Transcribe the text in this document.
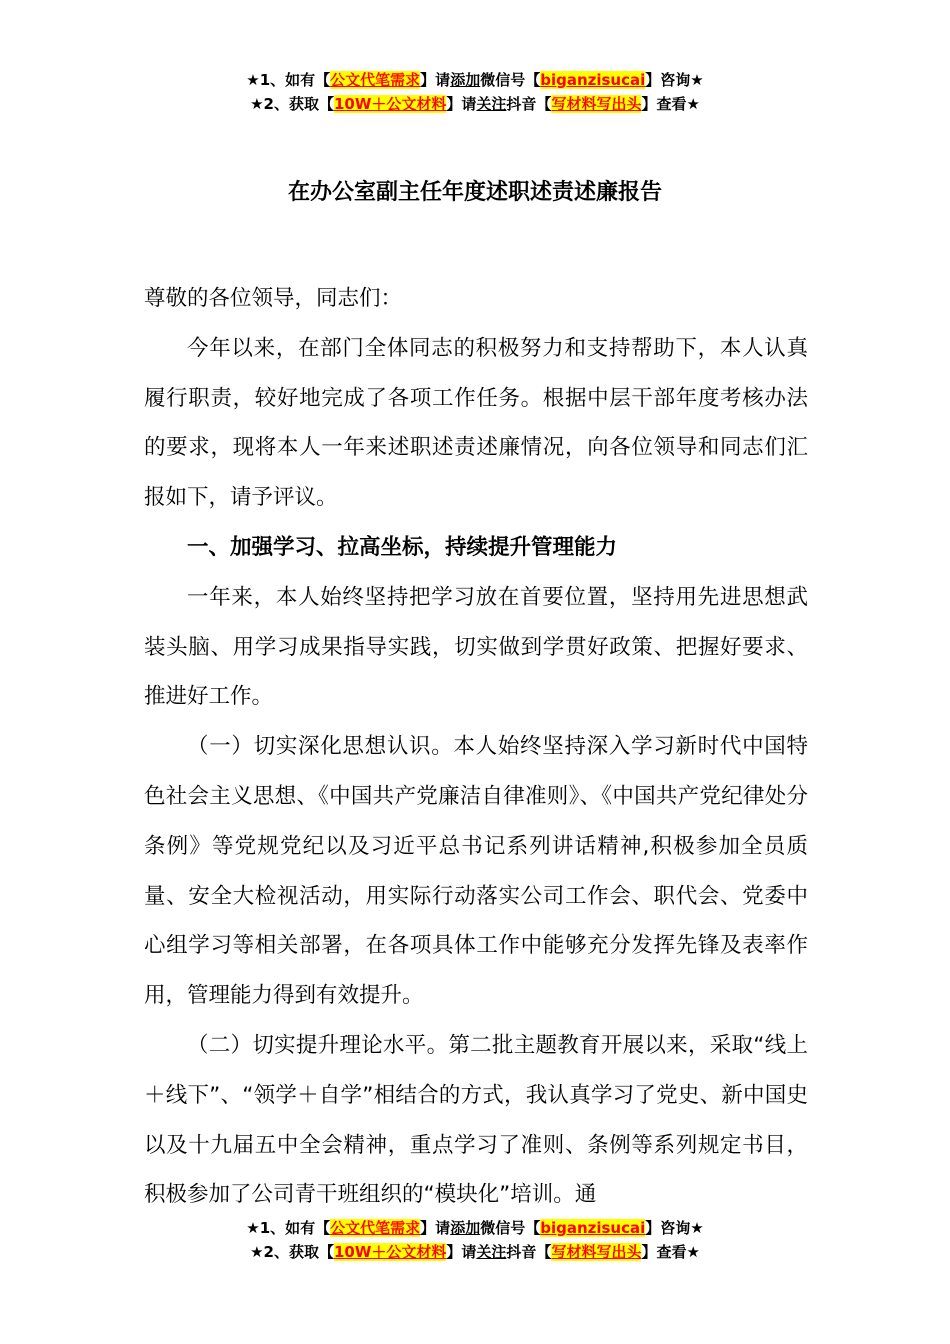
★1、如有【公文代笔需求】请添加微信号【biganzisucai】咨询★
★2、获取【10W＋公文材料】请关注抖音【写材料写出头】查看★
在办公室副主任年度述职述责述廉报告

尊敬的各位领导，同志们：

今年以来，在部门全体同志的积极努力和支持帮助下，本人认真履行职责，较好地完成了各项工作任务。根据中层干部年度考核办法的要求，现将本人一年来述职述责述廉情况，向各位领导和同志们汇报如下，请予评议。

一、加强学习、拉高坐标，持续提升管理能力

一年来，本人始终坚持把学习放在首要位置，坚持用先进思想武装头脑、用学习成果指导实践，切实做到学贯好政策、把握好要求、推进好工作。

（一）切实深化思想认识。本人始终坚持深入学习新时代中国特色社会主义思想、《中国共产党廉洁自律准则》、《中国共产党纪律处分条例》等党规党纪以及习近平总书记系列讲话精神,积极参加全员质量、安全大检视活动，用实际行动落实公司工作会、职代会、党委中心组学习等相关部署，在各项具体工作中能够充分发挥先锋及表率作用，管理能力得到有效提升。

（二）切实提升理论水平。第二批主题教育开展以来，采取“线上＋线下”、“领学＋自学”相结合的方式，我认真学习了党史、新中国史以及十九届五中全会精神，重点学习了准则、条例等系列规定书目，积极参加了公司青干班组织的“模块化”培训。通

★1、如有【公文代笔需求】请添加微信号【biganzisucai】咨询★
★2、获取【10W＋公文材料】请关注抖音【写材料写出头】查看★
